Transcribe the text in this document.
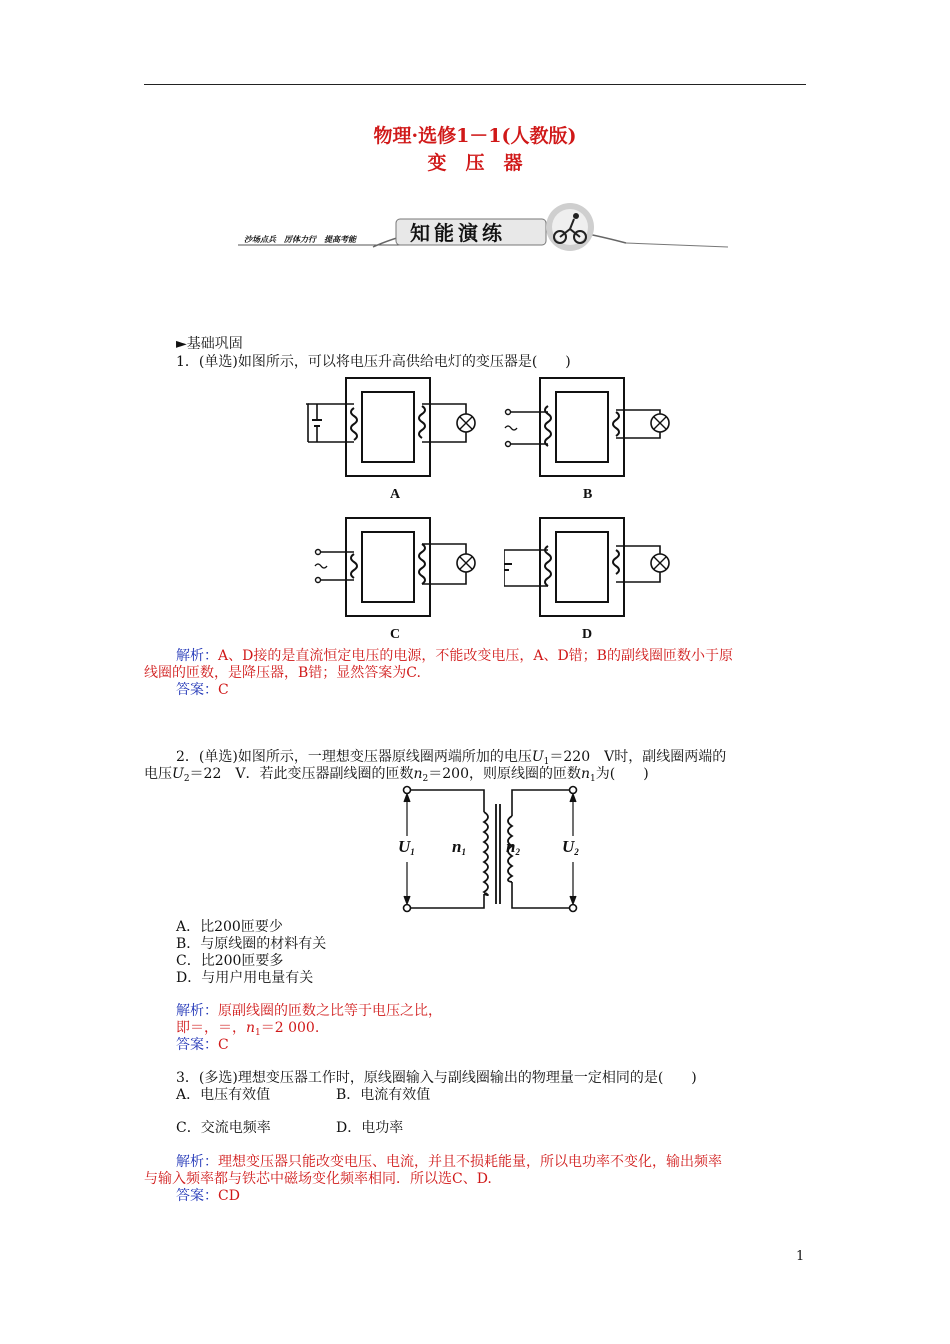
物理·选修1－1(人教版)
变　压　器
沙场点兵　厉体力行　提高考能	知能演练
►基础巩固
1．(单选)如图所示，可以将电压升高供给电灯的变压器是(　　)
A	B
C	D
解析：A、D接的是直流恒定电压的电源，不能改变电压，A、D错；B的副线圈匝数小于原
线圈的匝数，是降压器，B错；显然答案为C.
答案：C
2．(单选)如图所示，一理想变压器原线圈两端所加的电压$U_1=220$　V时，副线圈两端的
电压$U_2=22$　V．若此变压器副线圈的匝数$n_2=200$，则原线圈的匝数$n_1$为(　　)
$U_1$ $n_1$ $n_2$ $U_2$
A．比200匝要少
B．与原线圈的材料有关
C．比200匝要多
D．与用户用电量有关
解析：原副线圈的匝数之比等于电压之比，
即＝，＝，$n_1=2$ 000.
答案：C
3．(多选)理想变压器工作时，原线圈输入与副线圈输出的物理量一定相同的是(　　)
A．电压有效值	B．电流有效值
C．交流电频率	D．电功率
解析：理想变压器只能改变电压、电流，并且不损耗能量，所以电功率不变化，输出频率
与输入频率都与铁芯中磁场变化频率相同．所以选C、D.
答案：CD
1
